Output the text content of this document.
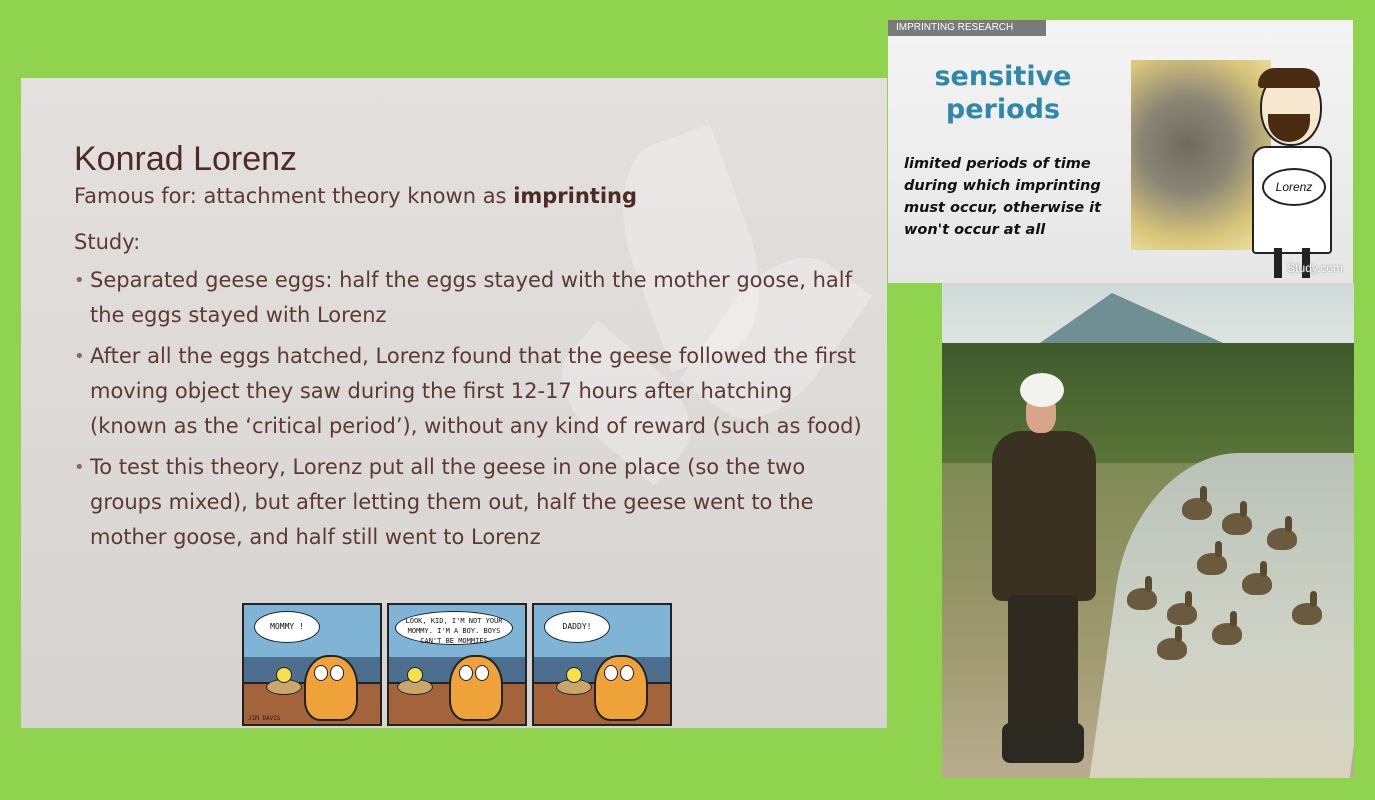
Konrad Lorenz
Famous for: attachment theory known as imprinting
Study:
• Separated geese eggs: half the eggs stayed with the mother goose, half the eggs stayed with Lorenz
• After all the eggs hatched, Lorenz found that the geese followed the first moving object they saw during the first 12-17 hours after hatching (known as the ‘critical period’), without any kind of reward (such as food)
• To test this theory, Lorenz put all the geese in one place (so the two groups mixed), but after letting them out, half the geese went to the mother goose, and half still went to Lorenz
MOMMY !
JIM DAVIS
LOOK, KID, I'M NOT YOUR MOMMY. I'M A BOY. BOYS CAN'T BE MOMMIES
DADDY!
IMPRINTING RESEARCH
sensitive periods
limited periods of time during which imprinting must occur, otherwise it won't occur at all
Lorenz
Study.com
